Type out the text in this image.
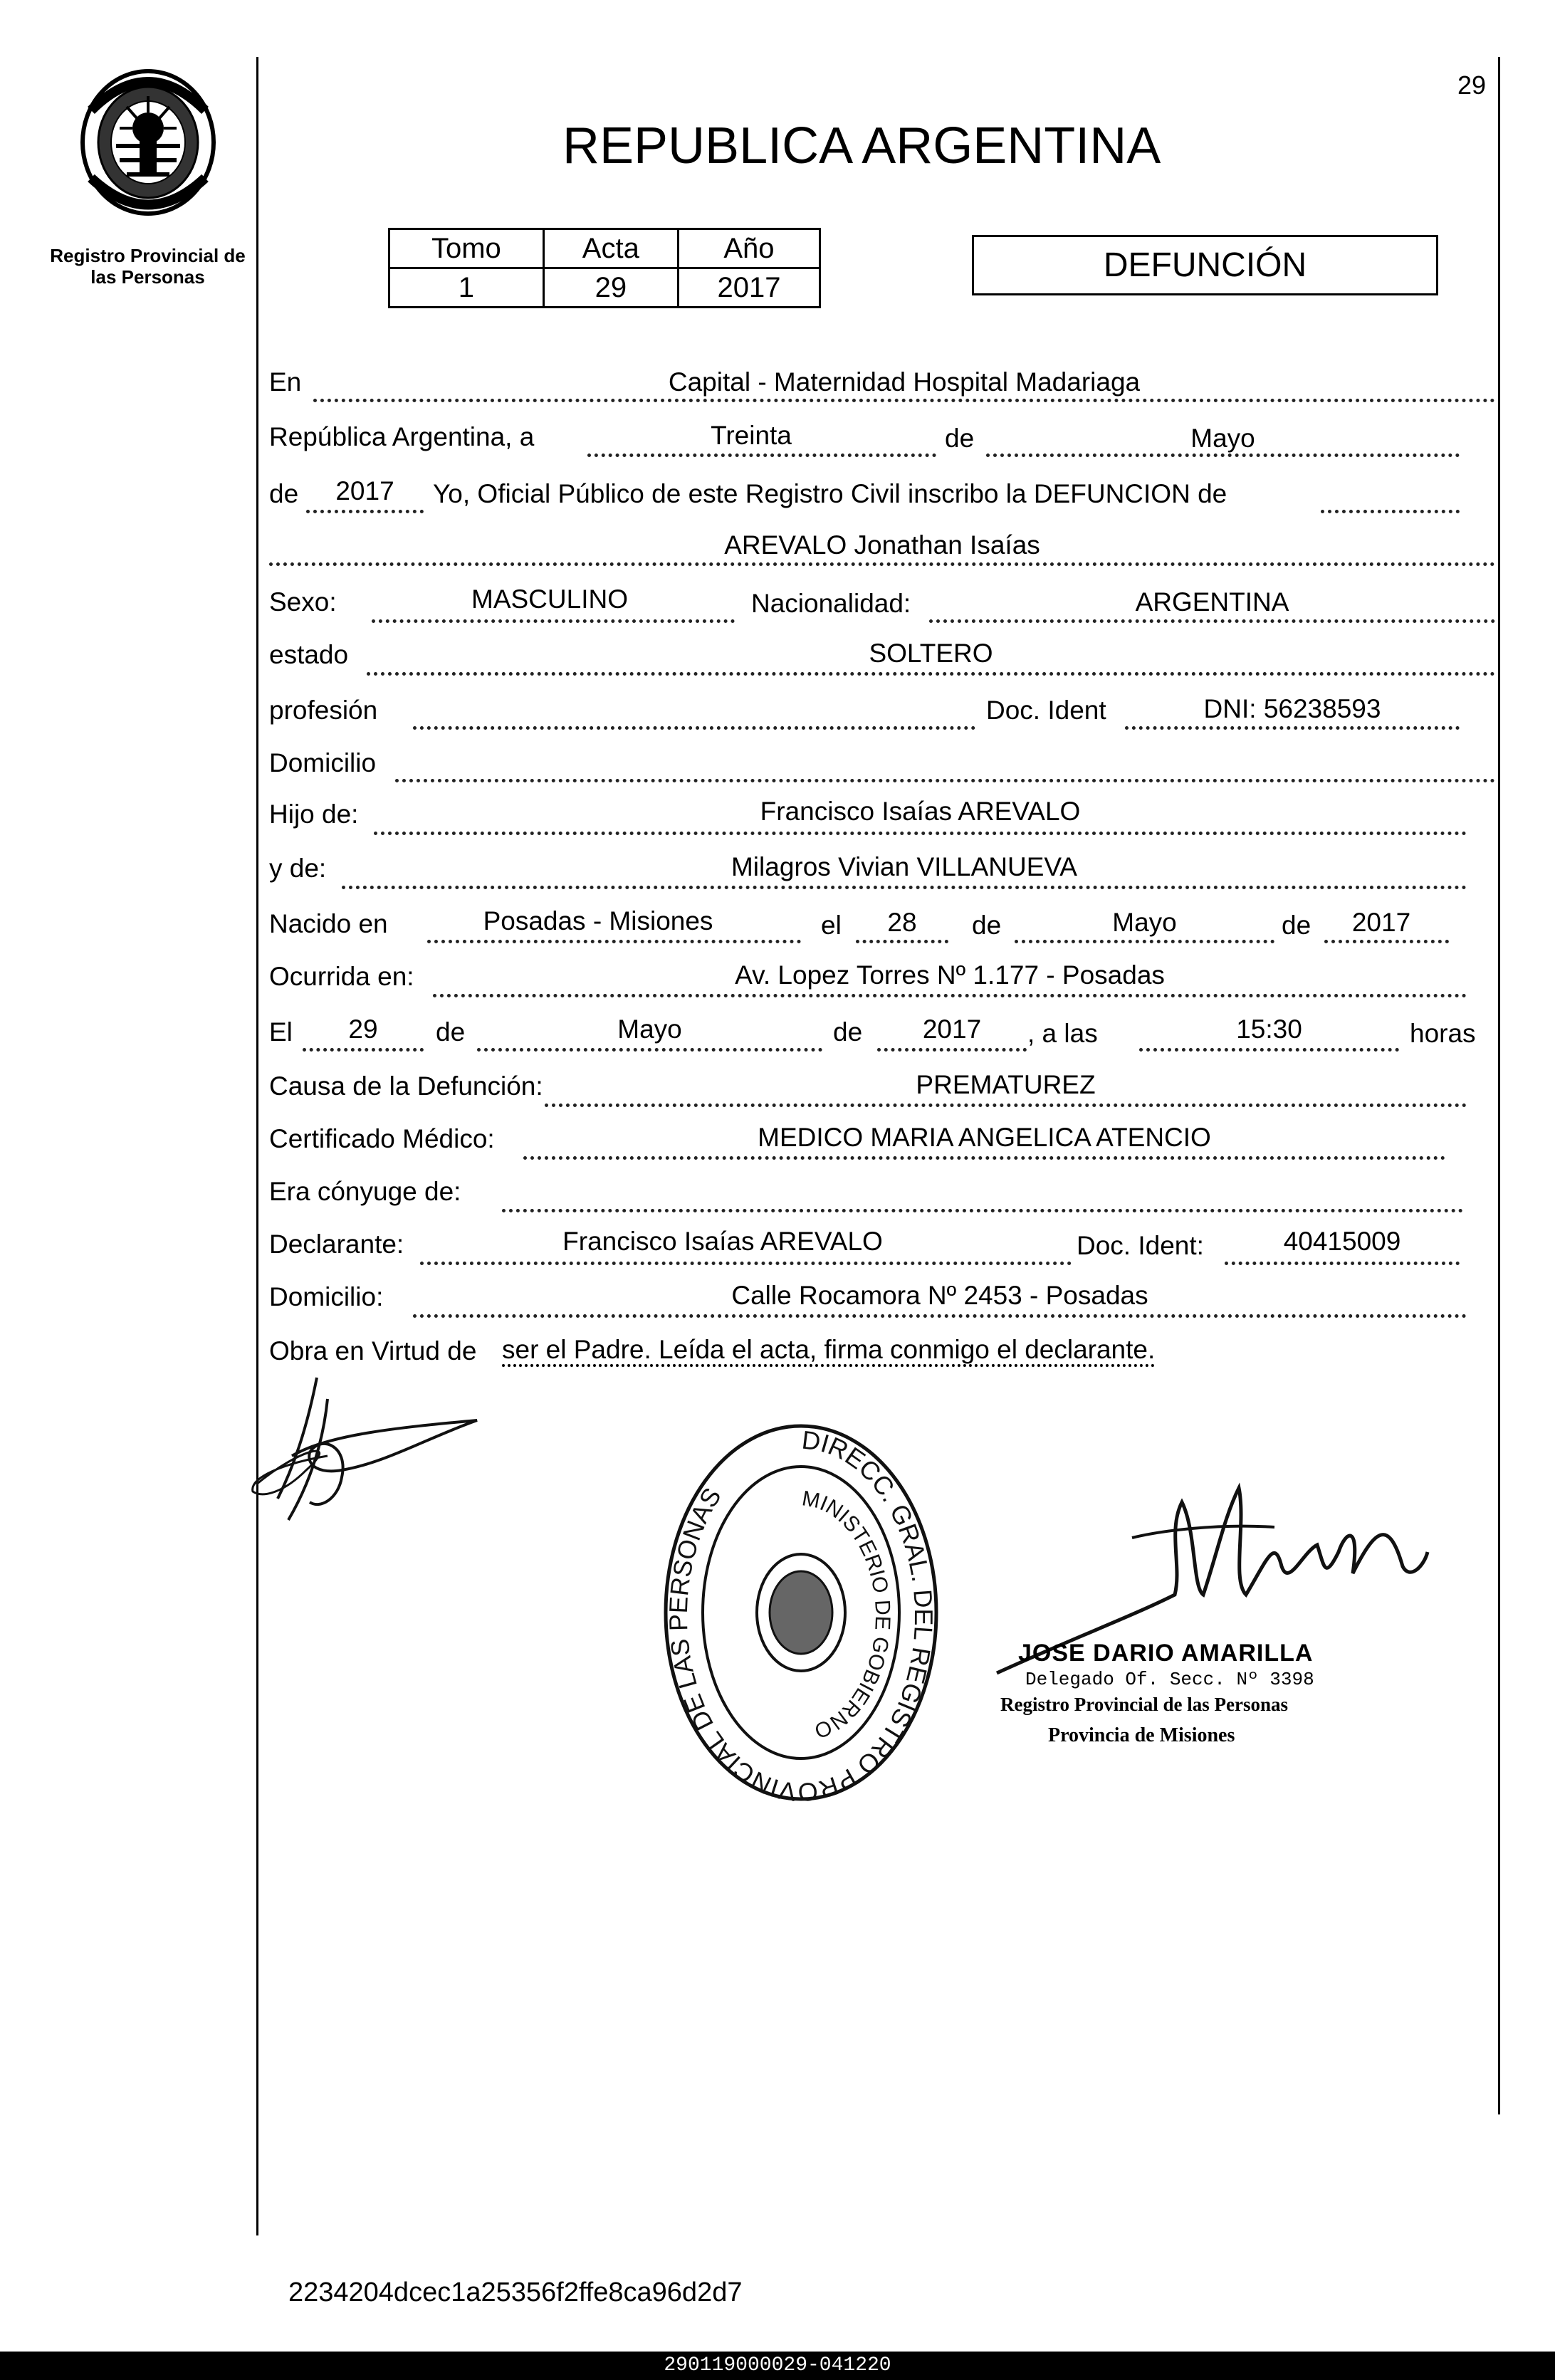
29
Registro Provincial de
las Personas
REPUBLICA ARGENTINA
Tomo	Acta	Año
1	29	2017
DEFUNCIÓN
En	Capital - Maternidad Hospital Madariaga
República Argentina, a	Treinta	de	Mayo
de	2017	Yo, Oficial Público de este Registro Civil inscribo la DEFUNCION de
AREVALO Jonathan Isaías
Sexo:	MASCULINO	Nacionalidad:	ARGENTINA
estado	SOLTERO
profesión	Doc. Ident	DNI: 56238593
Domicilio
Hijo de:	Francisco Isaías AREVALO
y de:	Milagros Vivian VILLANUEVA
Nacido en	Posadas - Misiones	el	28	de	Mayo	de	2017
Ocurrida en:	Av. Lopez Torres Nº 1.177 - Posadas
El	29	de	Mayo	de	2017	, a las	15:30	horas
Causa de la Defunción:	PREMATUREZ
Certificado Médico:	MEDICO MARIA ANGELICA ATENCIO
Era cónyuge de:
Declarante:	Francisco Isaías AREVALO	Doc. Ident:	40415009
Domicilio:	Calle Rocamora Nº 2453 - Posadas
Obra en Virtud de ser el Padre. Leída el acta, firma conmigo el declarante.
DIRECC. GRAL. DEL REGISTRO PROVINCIAL DE LAS PERSONAS	MINISTERIO DE GOBIERNO
JOSE DARIO AMARILLA
Delegado Of. Secc. Nº 3398
Registro Provincial de las Personas
Provincia de Misiones
2234204dcec1a25356f2ffe8ca96d2d7
290119000029-041220
